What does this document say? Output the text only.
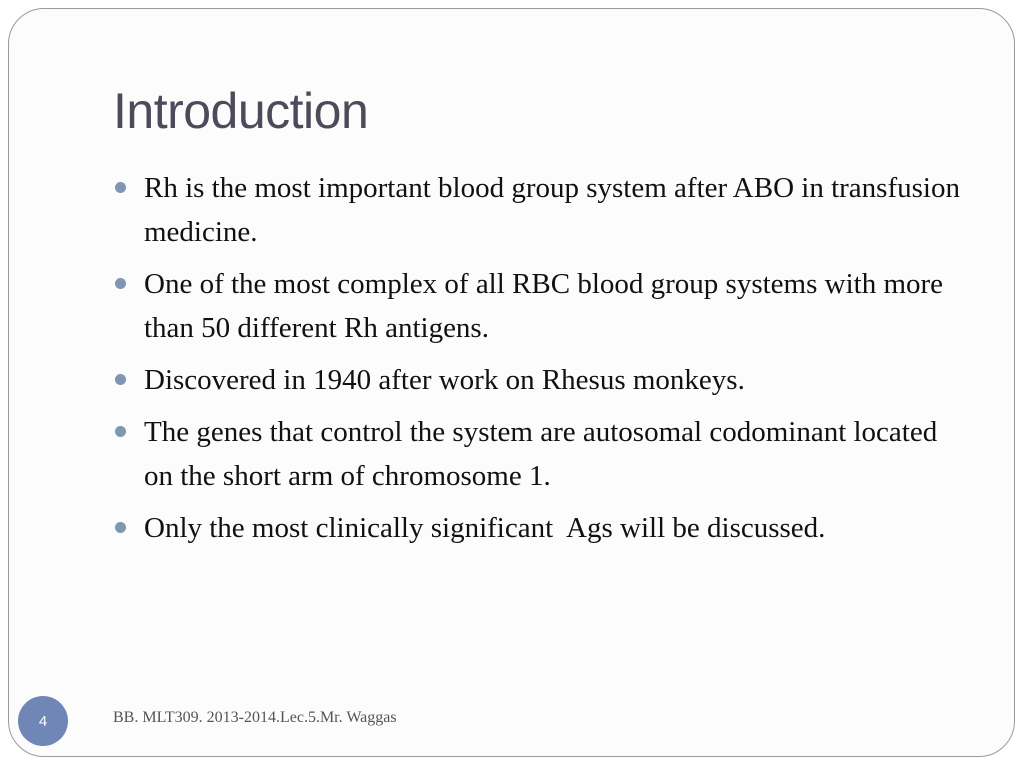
Introduction
Rh is the most important blood group system after ABO in transfusion medicine.
One of the most complex of all RBC blood group systems with more than 50 different Rh antigens.
Discovered in 1940 after work on Rhesus monkeys.
The genes that control the system are autosomal codominant located on the short arm of chromosome 1.
Only the most clinically significant  Ags will be discussed.
4	BB. MLT309. 2013-2014.Lec.5.Mr. Waggas
